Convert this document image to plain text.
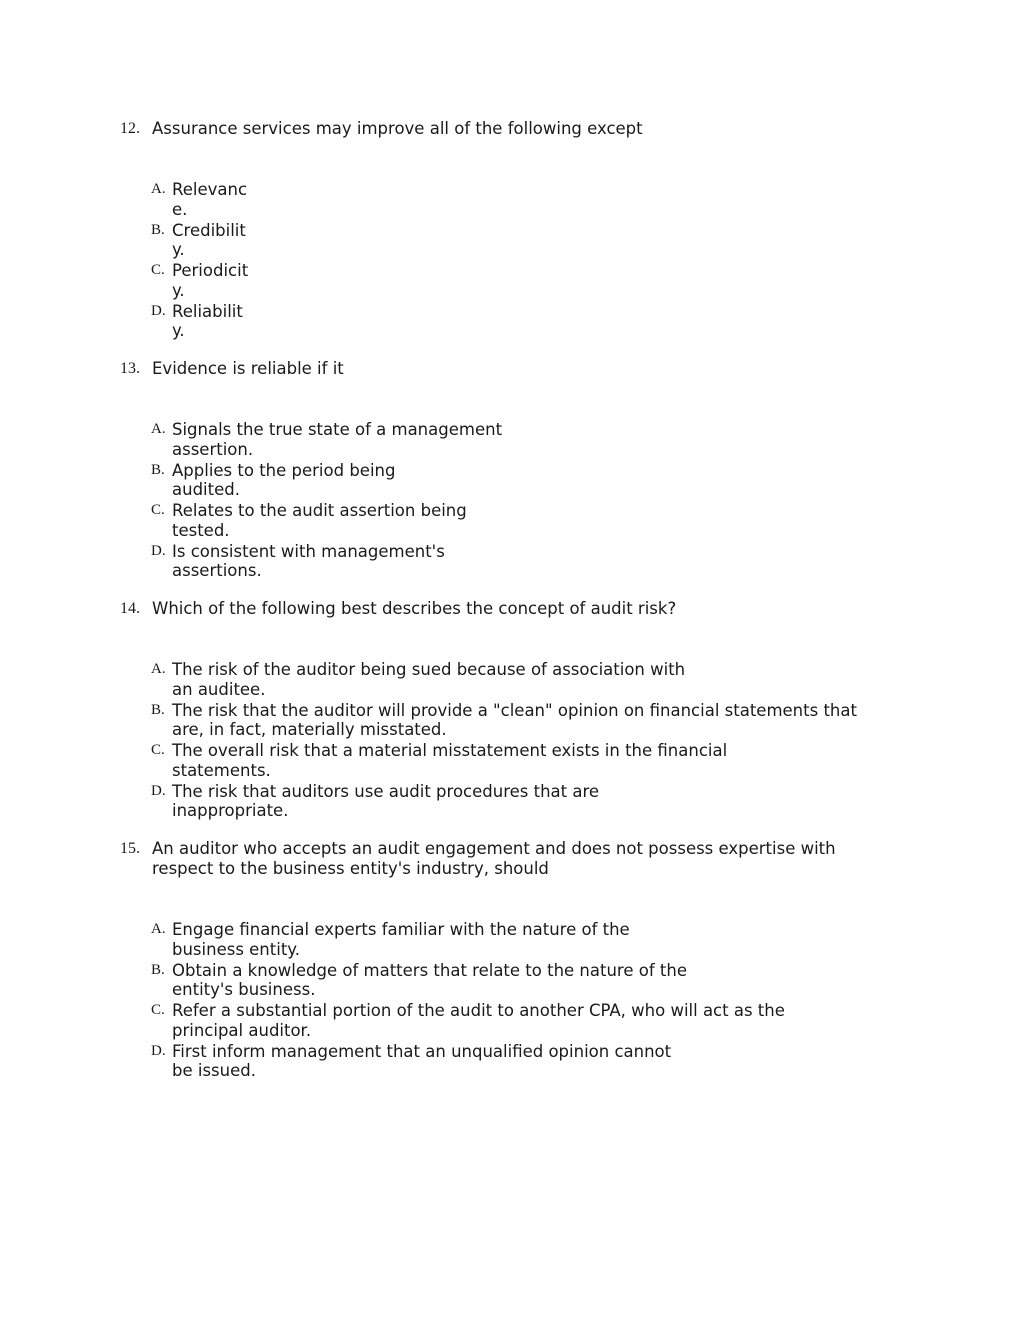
12. Assurance services may improve all of the following except
A. Relevanc
e.
B. Credibilit
y.
C. Periodicit
y.
D. Reliabilit
y.
13. Evidence is reliable if it
A. Signals the true state of a management
assertion.
B. Applies to the period being
audited.
C. Relates to the audit assertion being
tested.
D. Is consistent with management's
assertions.
14. Which of the following best describes the concept of audit risk?
A. The risk of the auditor being sued because of association with
an auditee.
B. The risk that the auditor will provide a "clean" opinion on financial statements that
are, in fact, materially misstated.
C. The overall risk that a material misstatement exists in the financial
statements.
D. The risk that auditors use audit procedures that are
inappropriate.
15. An auditor who accepts an audit engagement and does not possess expertise with
respect to the business entity's industry, should
A. Engage financial experts familiar with the nature of the
business entity.
B. Obtain a knowledge of matters that relate to the nature of the
entity's business.
C. Refer a substantial portion of the audit to another CPA, who will act as the
principal auditor.
D. First inform management that an unqualified opinion cannot
be issued.
